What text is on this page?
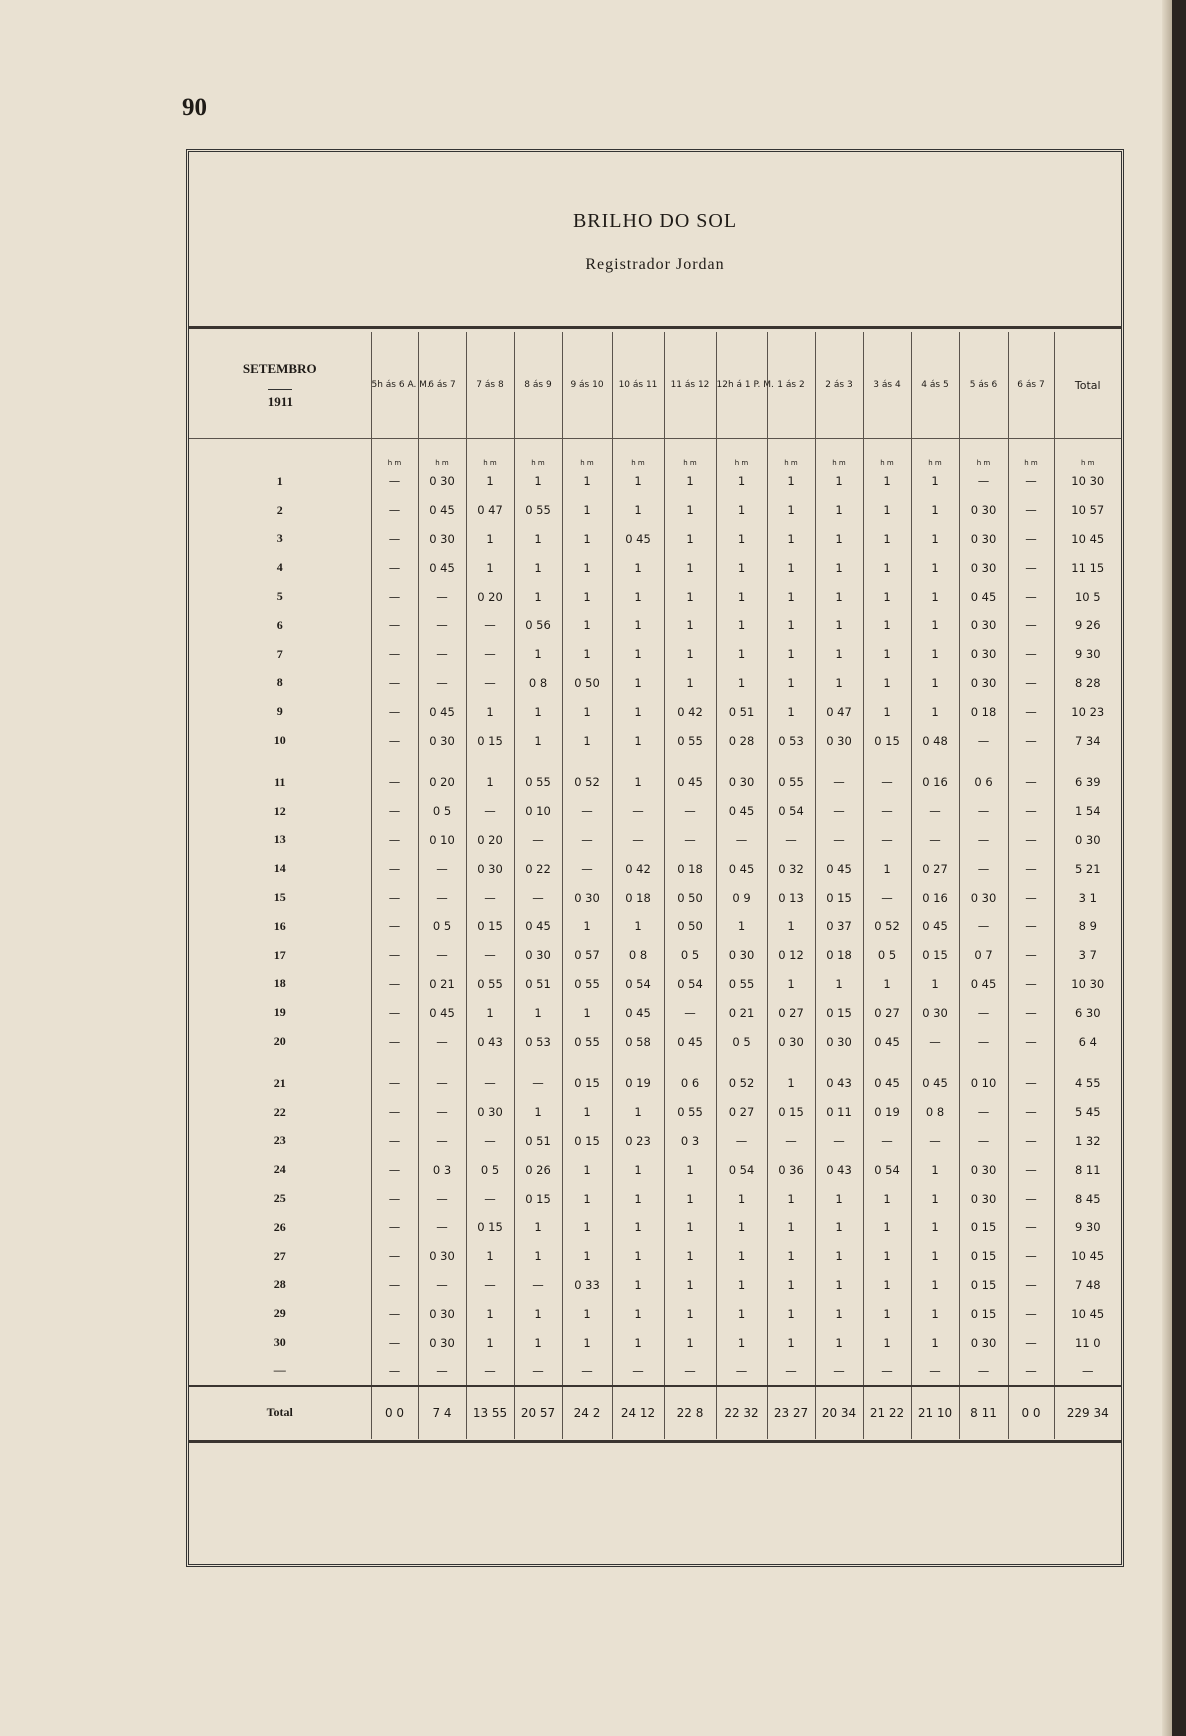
90
BRILHO DO SOL
Registrador Jordan
SETEMBRO
1911	5h ás 6 A. M.	6 ás 7	7 ás 8	8 ás 9	9 ás 10	10 ás 11	11 ás 12	12h á 1 P. M.	1 ás 2	2 ás 3	3 ás 4	4 ás 5	5 ás 6	6 ás 7	Total
	h m	h m	h m	h m	h m	h m	h m	h m	h m	h m	h m	h m	h m	h m	h m
1	—	0 30	1	1	1	1	1	1	1	1	1	1	—	—	10 30
2	—	0 45	0 47	0 55	1	1	1	1	1	1	1	1	0 30	—	10 57
3	—	0 30	1	1	1	0 45	1	1	1	1	1	1	0 30	—	10 45
4	—	0 45	1	1	1	1	1	1	1	1	1	1	0 30	—	11 15
5	—	—	0 20	1	1	1	1	1	1	1	1	1	0 45	—	10 5
6	—	—	—	0 56	1	1	1	1	1	1	1	1	0 30	—	9 26
7	—	—	—	1	1	1	1	1	1	1	1	1	0 30	—	9 30
8	—	—	—	0 8	0 50	1	1	1	1	1	1	1	0 30	—	8 28
9	—	0 45	1	1	1	1	0 42	0 51	1	0 47	1	1	0 18	—	10 23
10	—	0 30	0 15	1	1	1	0 55	0 28	0 53	0 30	0 15	0 48	—	—	7 34

11	—	0 20	1	0 55	0 52	1	0 45	0 30	0 55	—	—	0 16	0 6	—	6 39
12	—	0 5	—	0 10	—	—	—	0 45	0 54	—	—	—	—	—	1 54
13	—	0 10	0 20	—	—	—	—	—	—	—	—	—	—	—	0 30
14	—	—	0 30	0 22	—	0 42	0 18	0 45	0 32	0 45	1	0 27	—	—	5 21
15	—	—	—	—	0 30	0 18	0 50	0 9	0 13	0 15	—	0 16	0 30	—	3 1
16	—	0 5	0 15	0 45	1	1	0 50	1	1	0 37	0 52	0 45	—	—	8 9
17	—	—	—	0 30	0 57	0 8	0 5	0 30	0 12	0 18	0 5	0 15	0 7	—	3 7
18	—	0 21	0 55	0 51	0 55	0 54	0 54	0 55	1	1	1	1	0 45	—	10 30
19	—	0 45	1	1	1	0 45	—	0 21	0 27	0 15	0 27	0 30	—	—	6 30
20	—	—	0 43	0 53	0 55	0 58	0 45	0 5	0 30	0 30	0 45	—	—	—	6 4

21	—	—	—	—	0 15	0 19	0 6	0 52	1	0 43	0 45	0 45	0 10	—	4 55
22	—	—	0 30	1	1	1	0 55	0 27	0 15	0 11	0 19	0 8	—	—	5 45
23	—	—	—	0 51	0 15	0 23	0 3	—	—	—	—	—	—	—	1 32
24	—	0 3	0 5	0 26	1	1	1	0 54	0 36	0 43	0 54	1	0 30	—	8 11
25	—	—	—	0 15	1	1	1	1	1	1	1	1	0 30	—	8 45
26	—	—	0 15	1	1	1	1	1	1	1	1	1	0 15	—	9 30
27	—	0 30	1	1	1	1	1	1	1	1	1	1	0 15	—	10 45
28	—	—	—	—	0 33	1	1	1	1	1	1	1	0 15	—	7 48
29	—	0 30	1	1	1	1	1	1	1	1	1	1	0 15	—	10 45
30	—	0 30	1	1	1	1	1	1	1	1	1	1	0 30	—	11 0
—	—	—	—	—	—	—	—	—	—	—	—	—	—	—	—
Total	0 0	7 4	13 55	20 57	24 2	24 12	22 8	22 32	23 27	20 34	21 22	21 10	8 11	0 0	229 34
